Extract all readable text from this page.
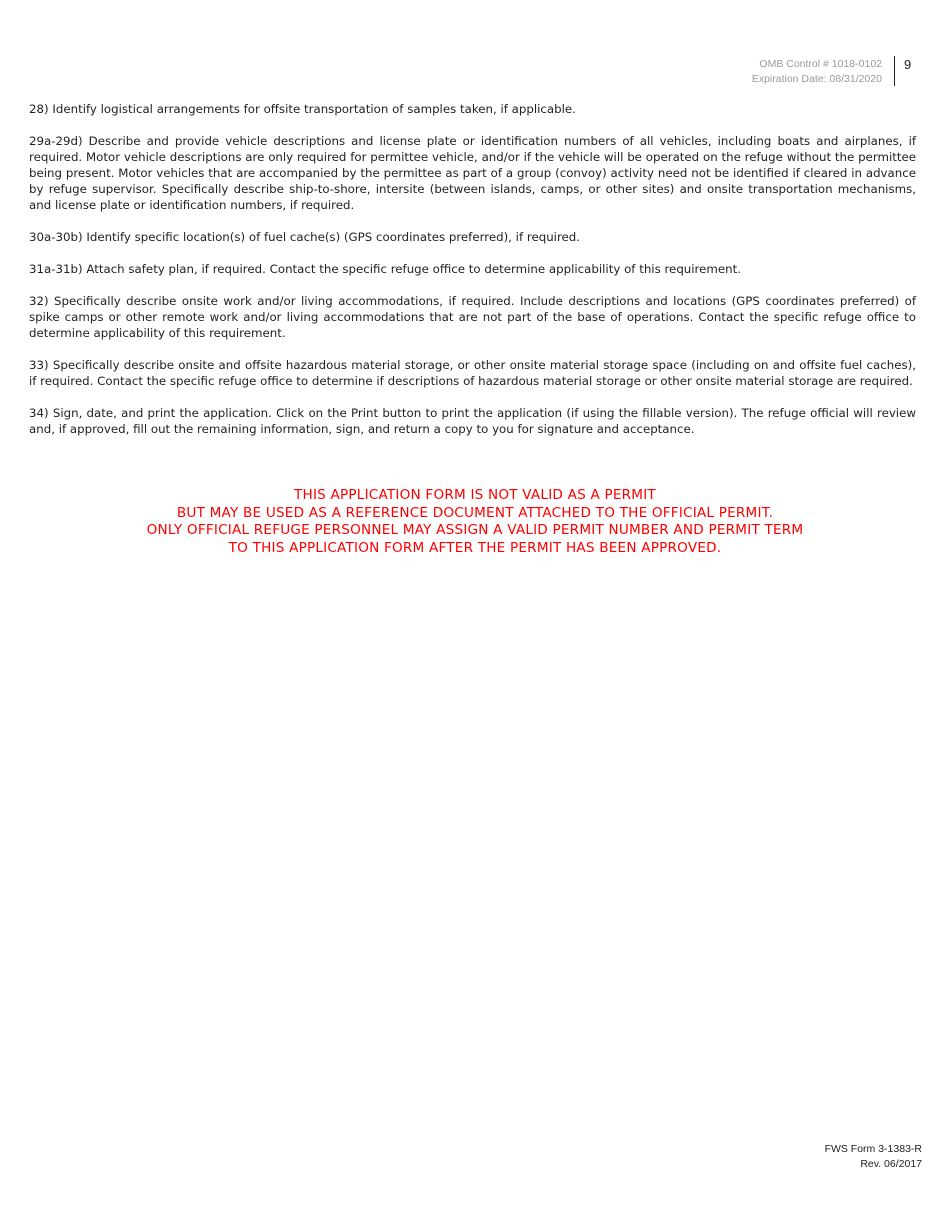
OMB Control # 1018-0102
Expiration Date: 08/31/2020
9

28) Identify logistical arrangements for offsite transportation of samples taken, if applicable.

29a-29d) Describe and provide vehicle descriptions and license plate or identification numbers of all vehicles, including boats and airplanes, if required. Motor vehicle descriptions are only required for permittee vehicle, and/or if the vehicle will be operated on the refuge without the permittee being present. Motor vehicles that are accompanied by the permittee as part of a group (convoy) activity need not be identified if cleared in advance by refuge supervisor. Specifically describe ship-to-shore, intersite (between islands, camps, or other sites) and onsite transportation mechanisms, and license plate or identification numbers, if required.

30a-30b) Identify specific location(s) of fuel cache(s) (GPS coordinates preferred), if required.

31a-31b) Attach safety plan, if required. Contact the specific refuge office to determine applicability of this requirement.

32) Specifically describe onsite work and/or living accommodations, if required. Include descriptions and locations (GPS coordinates preferred) of spike camps or other remote work and/or living accommodations that are not part of the base of operations. Contact the specific refuge office to determine applicability of this requirement.

33) Specifically describe onsite and offsite hazardous material storage, or other onsite material storage space (including on and offsite fuel caches), if required. Contact the specific refuge office to determine if descriptions of hazardous material storage or other onsite material storage are required.

34) Sign, date, and print the application. Click on the Print button to print the application (if using the fillable version). The refuge official will review and, if approved, fill out the remaining information, sign, and return a copy to you for signature and acceptance.

THIS APPLICATION FORM IS NOT VALID AS A PERMIT
BUT MAY BE USED AS A REFERENCE DOCUMENT ATTACHED TO THE OFFICIAL PERMIT.
ONLY OFFICIAL REFUGE PERSONNEL MAY ASSIGN A VALID PERMIT NUMBER AND PERMIT TERM
TO THIS APPLICATION FORM AFTER THE PERMIT HAS BEEN APPROVED.
FWS Form 3-1383-R
Rev. 06/2017
